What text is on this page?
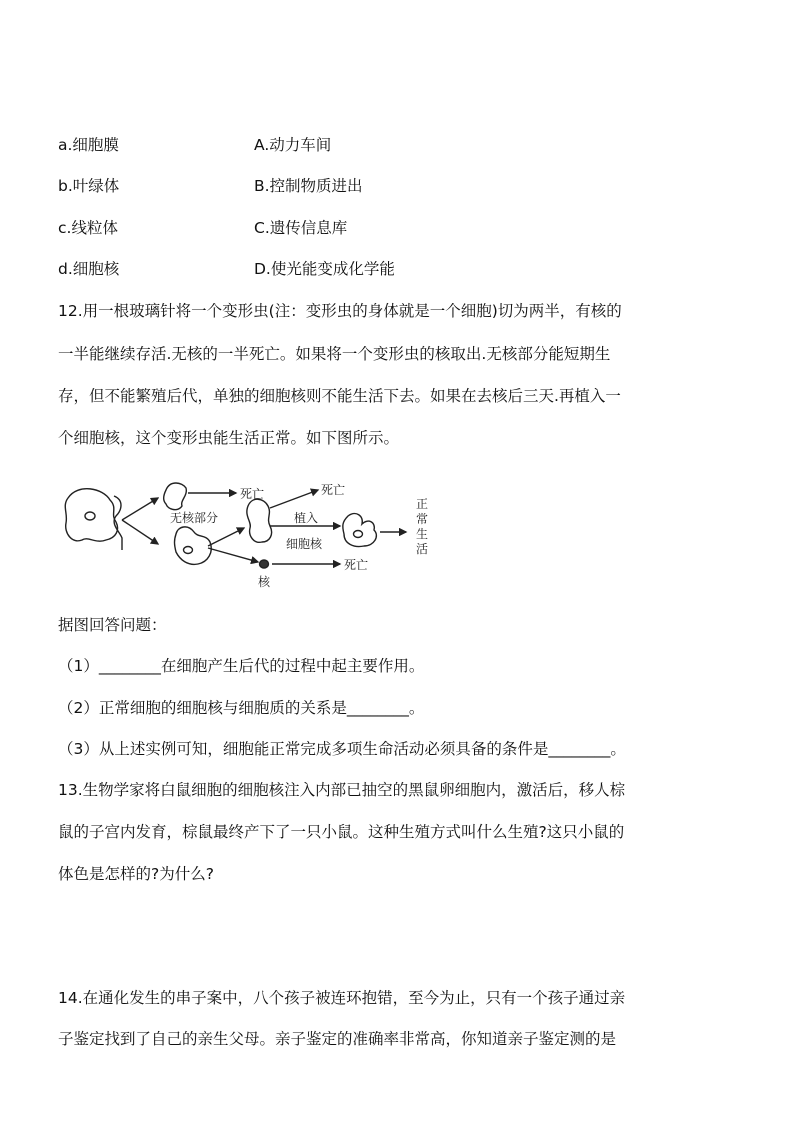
a.细胞膜	A.动力车间
b.叶绿体	B.控制物质进出
c.线粒体	C.遗传信息库
d.细胞核	D.使光能变成化学能
12.用一根玻璃针将一个变形虫(注：变形虫的身体就是一个细胞)切为两半，有核的
一半能继续存活.无核的一半死亡。如果将一个变形虫的核取出.无核部分能短期生
存，但不能繁殖后代，单独的细胞核则不能生活下去。如果在去核后三天.再植入一
个细胞核，这个变形虫能生活正常。如下图所示。
死亡	死亡
死亡
无核部分	植入
细胞核
核
正
常
生
活
据图回答问题：
（1）________在细胞产生后代的过程中起主要作用。
（2）正常细胞的细胞核与细胞质的关系是________。
（3）从上述实例可知，细胞能正常完成多项生命活动必须具备的条件是________。
13.生物学家将白鼠细胞的细胞核注入内部已抽空的黑鼠卵细胞内，激活后，移人棕
鼠的子宫内发育，棕鼠最终产下了一只小鼠。这种生殖方式叫什么生殖?这只小鼠的
体色是怎样的?为什么?
14.在通化发生的串子案中，八个孩子被连环抱错，至今为止，只有一个孩子通过亲
子鉴定找到了自己的亲生父母。亲子鉴定的准确率非常高，你知道亲子鉴定测的是
